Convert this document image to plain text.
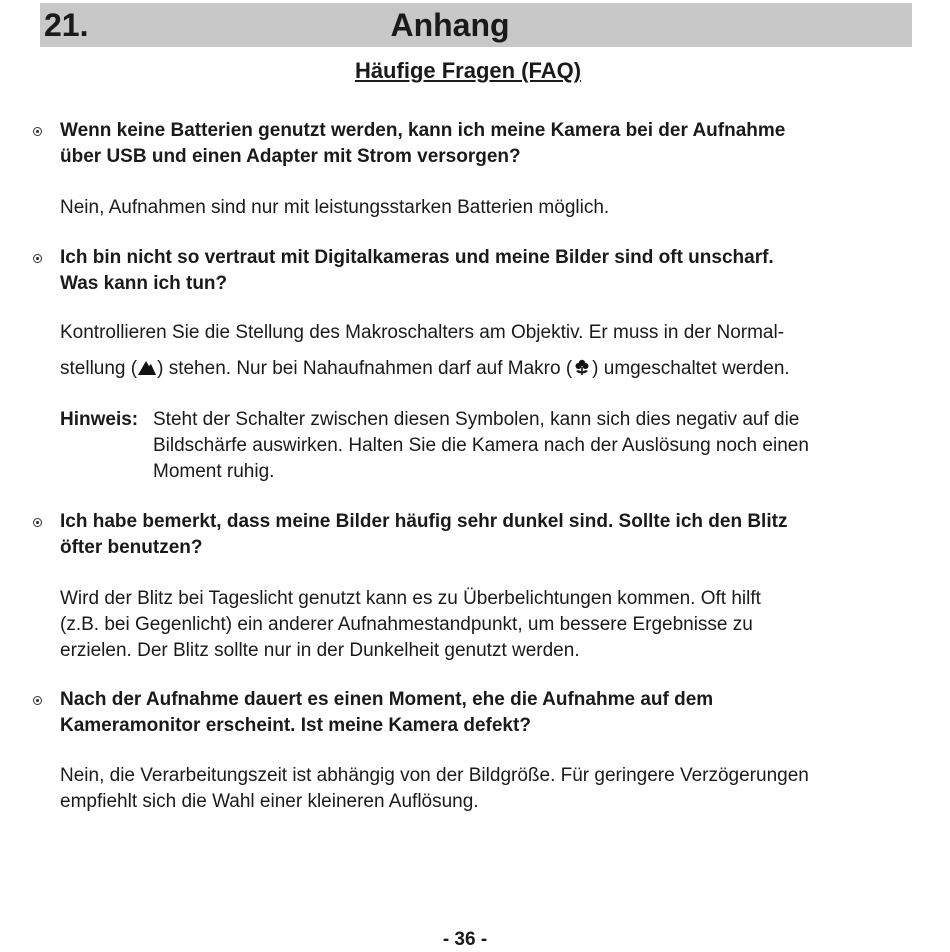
21.	Anhang
Häufige Fragen (FAQ)
Wenn keine Batterien genutzt werden, kann ich meine Kamera bei der Aufnahme
über USB und einen Adapter mit Strom versorgen?
Nein, Aufnahmen sind nur mit leistungsstarken Batterien möglich.
Ich bin nicht so vertraut mit Digitalkameras und meine Bilder sind oft unscharf.
Was kann ich tun?
Kontrollieren Sie die Stellung des Makroschalters am Objektiv. Er muss in der Normal-
stellung ( ) stehen. Nur bei Nahaufnahmen darf auf Makro ( ) umgeschaltet werden.
Hinweis: Steht der Schalter zwischen diesen Symbolen, kann sich dies negativ auf die
Bildschärfe auswirken. Halten Sie die Kamera nach der Auslösung noch einen
Moment ruhig.
Ich habe bemerkt, dass meine Bilder häufig sehr dunkel sind. Sollte ich den Blitz
öfter benutzen?
Wird der Blitz bei Tageslicht genutzt kann es zu Überbelichtungen kommen. Oft hilft
(z.B. bei Gegenlicht) ein anderer Aufnahmestandpunkt, um bessere Ergebnisse zu
erzielen. Der Blitz sollte nur in der Dunkelheit genutzt werden.
Nach der Aufnahme dauert es einen Moment, ehe die Aufnahme auf dem
Kameramonitor erscheint. Ist meine Kamera defekt?
Nein, die Verarbeitungszeit ist abhängig von der Bildgröße. Für geringere Verzögerungen
empfiehlt sich die Wahl einer kleineren Auflösung.
- 36 -
